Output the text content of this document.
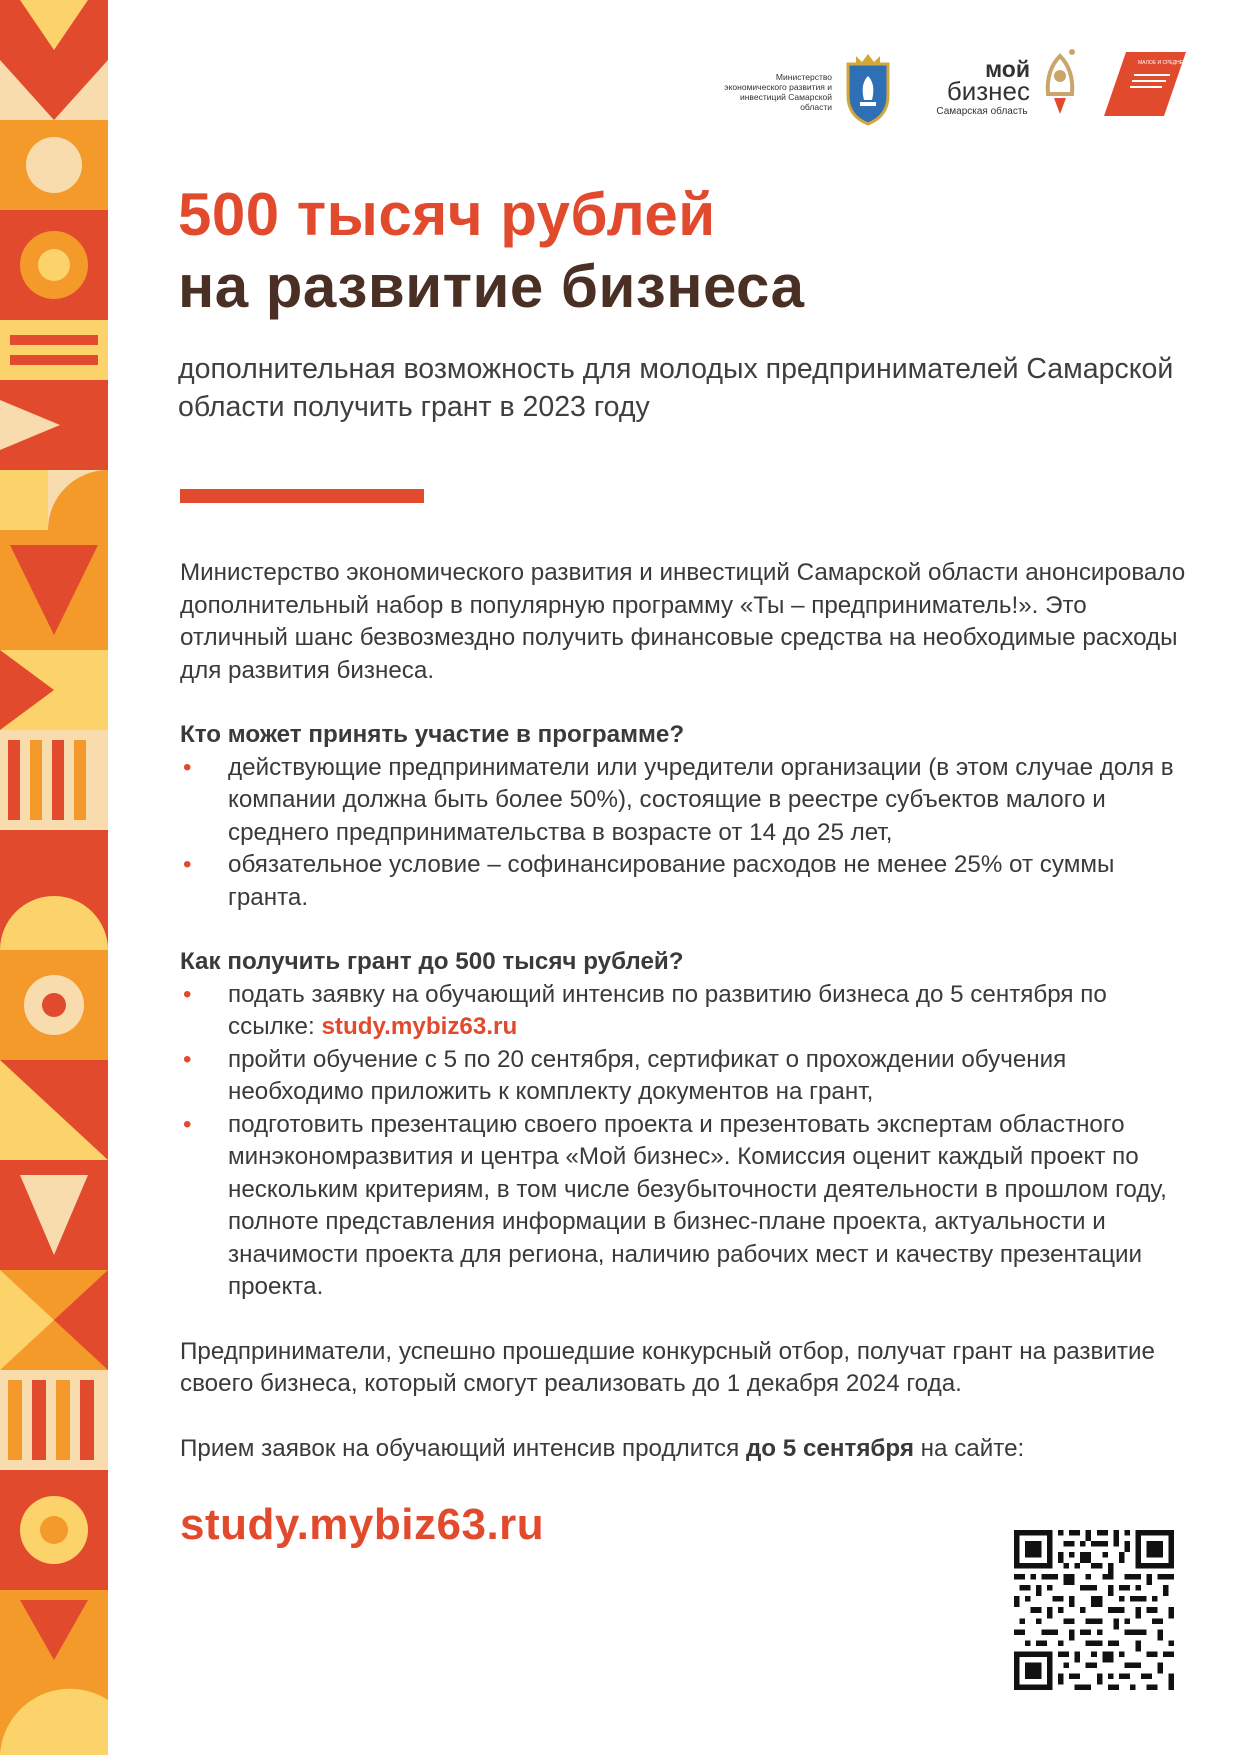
Министерство экономического развития и инвестиций Самарской области
мой
бизнес
Самарская область
МАЛОЕ И СРЕДНЕЕ
500 тысяч рублей
на развитие бизнеса

дополнительная возможность для молодых предпринимателей Самарской области получить грант в 2023 году

Министерство экономического развития и инвестиций Самарской области анонсировало дополнительный набор в популярную программу «Ты – предприниматель!». Это отличный шанс безвозмездно получить финансовые средства на необходимые расходы для развития бизнеса.

Кто может принять участие в программе?

• действующие предприниматели или учредители организации (в этом случае доля в компании должна быть более 50%), состоящие в реестре субъектов малого и среднего предпринимательства в возрасте от 14 до 25 лет,
• обязательное условие – софинансирование расходов не менее 25% от суммы гранта.

Как получить грант до 500 тысяч рублей?

• подать заявку на обучающий интенсив по развитию бизнеса до 5 сентября по ссылке: study.mybiz63.ru
• пройти обучение с 5 по 20 сентября, сертификат о прохождении обучения необходимо приложить к комплекту документов на грант,
• подготовить презентацию своего проекта и презентовать экспертам областного минэкономразвития и центра «Мой бизнес». Комиссия оценит каждый проект по нескольким критериям, в том числе безубыточности деятельности в прошлом году, полноте представления информации в бизнес-плане проекта, актуальности и значимости проекта для региона, наличию рабочих мест и качеству презентации проекта.

Предприниматели, успешно прошедшие конкурсный отбор, получат грант на развитие своего бизнеса, который смогут реализовать до 1 декабря 2024 года.

Прием заявок на обучающий интенсив продлится до 5 сентября на сайте:

study.mybiz63.ru
